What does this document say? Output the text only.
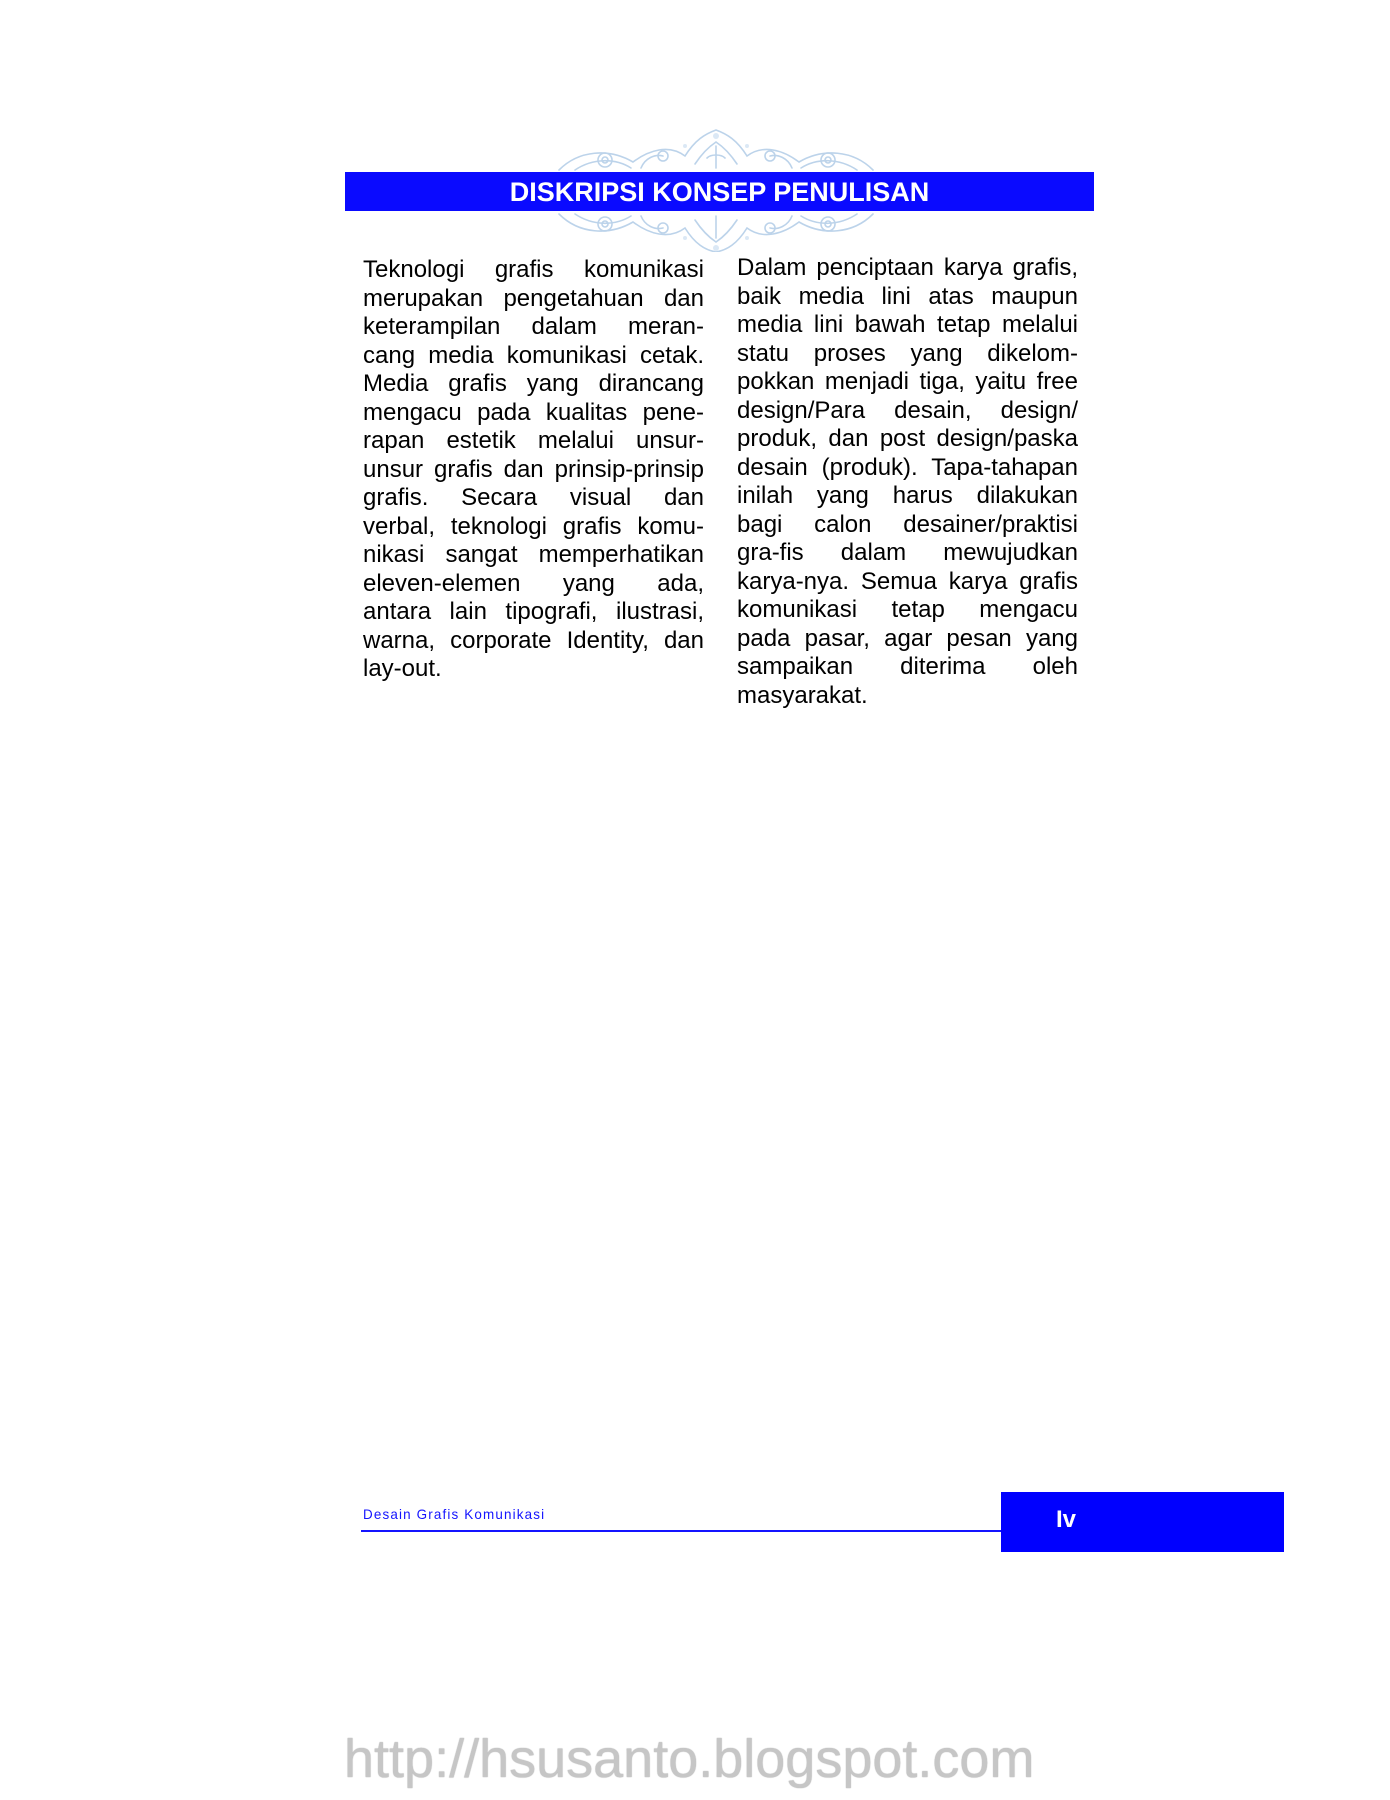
DISKRIPSI KONSEP PENULISAN
Teknologi grafis komunikasi
merupakan pengetahuan dan
keterampilan dalam meran-
cang media komunikasi cetak.
Media grafis yang dirancang
mengacu pada kualitas pene-
rapan estetik melalui unsur-
unsur grafis dan prinsip-prinsip
grafis. Secara visual dan
verbal, teknologi grafis komu-
nikasi sangat memperhatikan
eleven-elemen yang ada,
antara lain tipografi, ilustrasi,
warna, corporate Identity, dan
lay-out.
Dalam penciptaan karya grafis,
baik media lini atas maupun
media lini bawah tetap melalui
statu proses yang dikelom-
pokkan menjadi tiga, yaitu free
design/Para desain, design/
produk, dan post design/paska
desain (produk). Tapa-tahapan
inilah yang harus dilakukan
bagi calon desainer/praktisi
gra-fis dalam mewujudkan
karya-nya. Semua karya grafis
komunikasi tetap mengacu
pada pasar, agar pesan yang
sampaikan diterima oleh
masyarakat.
Desain Grafis Komunikasi	Iv
http://hsusanto.blogspot.com
